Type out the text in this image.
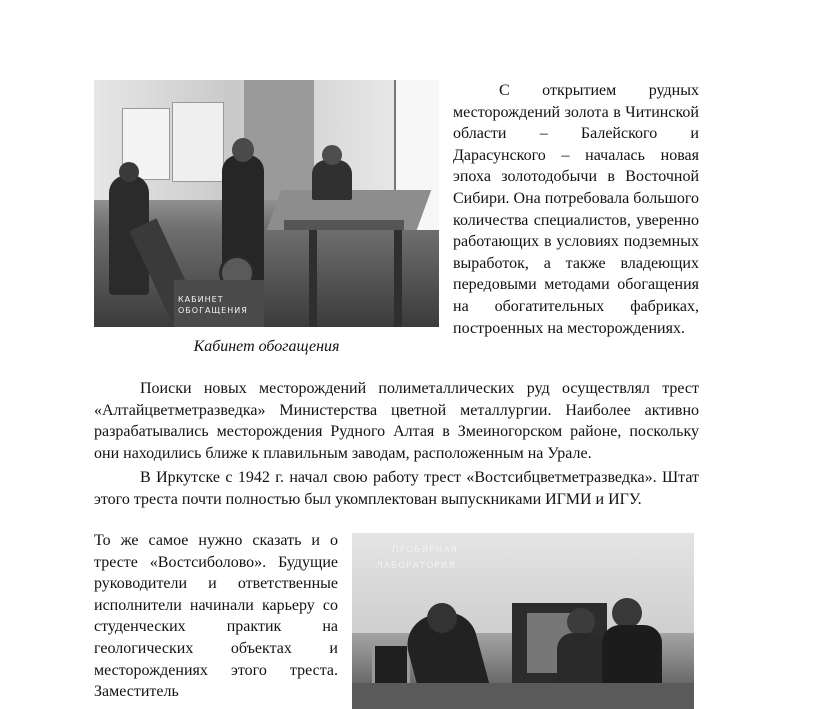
КАБИНЕТ ОБОГАЩЕНИЯ
Кабинет обогащения

С открытием рудных месторождений золота в Читинской области – Балейского и Дарасунского – началась новая эпоха золотодобычи в Восточной Сибири. Она потребовала большого количества специалистов, уверенно работающих в условиях подземных выработок, а также владеющих передовыми методами обогащения на обогатительных фабриках, построенных на месторождениях.

Поиски новых месторождений полиметаллических руд осуществлял трест «Алтайцветметразведка» Министерства цветной металлургии. Наиболее активно разрабатывались месторождения Рудного Алтая в Змеиногорском районе, поскольку они находились ближе к плавильным заводам, расположенным на Урале.

В Иркутске с 1942 г. начал свою работу трест «Востсибцветметразведка». Штат этого треста почти полностью был укомплектован выпускниками ИГМИ и ИГУ.

То же самое нужно сказать и о тресте «Востсиболово». Будущие руководители и ответственные исполнители начинали карьеру со студенческих практик на геологических объектах и месторождениях этого треста. Заместитель

ПРОБИРНАЯ
ЛАБОРАТОРИЯ
